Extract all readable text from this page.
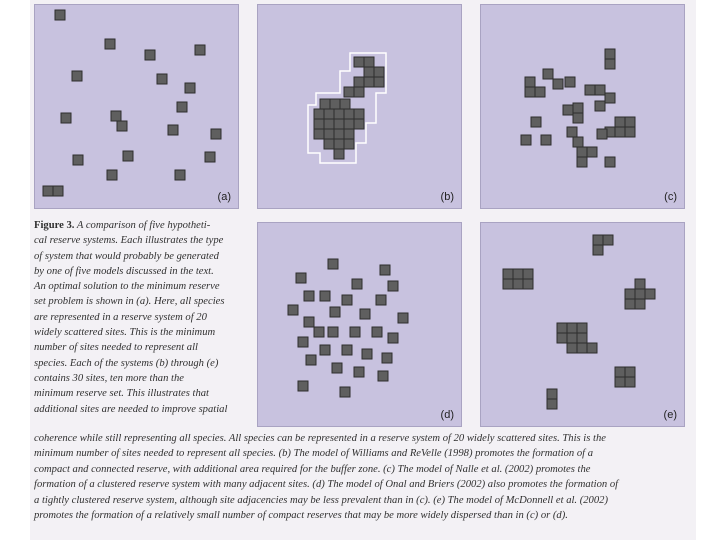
(a)	(b)	(c)
(d)	(e)
Figure 3. A comparison of five hypotheti-
cal reserve systems. Each illustrates the type
of system that would probably be generated
by one of five models discussed in the text.
An optimal solution to the minimum reserve
set problem is shown in (a). Here, all species
are represented in a reserve system of 20
widely scattered sites. This is the minimum
number of sites needed to represent all
species. Each of the systems (b) through (e)
contains 30 sites, ten more than the
minimum reserve set. This illustrates that
additional sites are needed to improve spatial
coherence while still representing all species. All species can be represented in a reserve system of 20 widely scattered sites. This is the
minimum number of sites needed to represent all species. (b) The model of Williams and ReVelle (1998) promotes the formation of a
compact and connected reserve, with additional area required for the buffer zone. (c) The model of Nalle et al. (2002) promotes the
formation of a clustered reserve system with many adjacent sites. (d) The model of Onal and Briers (2002) also promotes the formation of
a tightly clustered reserve system, although site adjacencies may be less prevalent than in (c). (e) The model of McDonnell et al. (2002)
promotes the formation of a relatively small number of compact reserves that may be more widely dispersed than in (c) or (d).
